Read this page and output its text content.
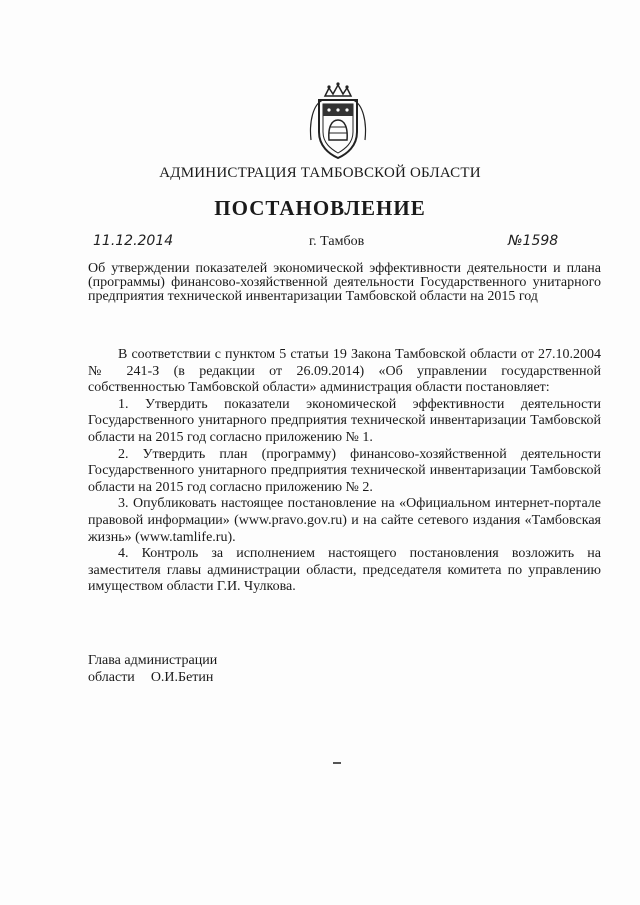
АДМИНИСТРАЦИЯ ТАМБОВСКОЙ ОБЛАСТИ
ПОСТАНОВЛЕНИЕ
11.12.2014	г. Тамбов	№1598
Об утверждении показателей экономической эффективности деятельности и плана (программы) финансово-хозяйственной деятельности Государственного унитарного предприятия технической инвентаризации Тамбовской области на 2015 год

В соответствии с пунктом 5 статьи 19 Закона Тамбовской области от 27.10.2004 № 241-З (в редакции от 26.09.2014) «Об управлении государственной собственностью Тамбовской области» администрация области постановляет:

1. Утвердить показатели экономической эффективности деятельности Государственного унитарного предприятия технической инвентаризации Тамбовской области на 2015 год согласно приложению № 1.

2. Утвердить план (программу) финансово-хозяйственной деятельности Государственного унитарного предприятия технической инвентаризации Тамбовской области на 2015 год согласно приложению № 2.

3. Опубликовать настоящее постановление на «Официальном интернет-портале правовой информации» (www.pravo.gov.ru) и на сайте сетевого издания «Тамбовская жизнь» (www.tamlife.ru).

4. Контроль за исполнением настоящего постановления возложить на заместителя главы администрации области, председателя комитета по управлению имуществом области Г.И. Чулкова.

Глава администрации
области О.И.Бетин
